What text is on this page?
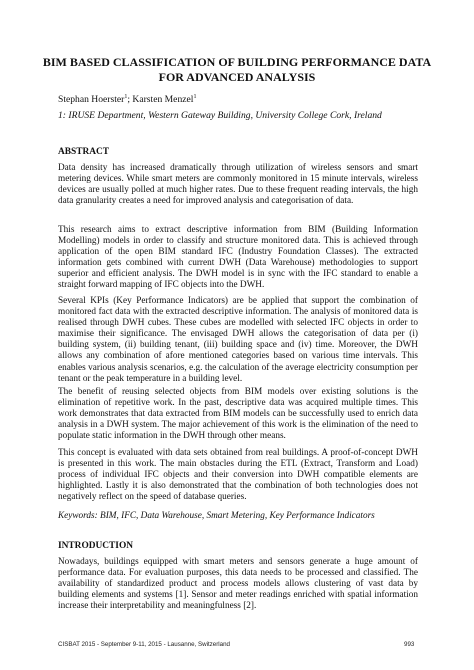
BIM BASED CLASSIFICATION OF BUILDING PERFORMANCE DATA FOR ADVANCED ANALYSIS
Stephan Hoerster$^1$; Karsten Menzel$^1$
1: IRUSE Department, Western Gateway Building, University College Cork, Ireland
ABSTRACT
Data density has increased dramatically through utilization of wireless sensors and smart metering devices. While smart meters are commonly monitored in 15 minute intervals, wireless devices are usually polled at much higher rates. Due to these frequent reading intervals, the high data granularity creates a need for improved analysis and categorisation of data.
This research aims to extract descriptive information from BIM (Building Information Modelling) models in order to classify and structure monitored data. This is achieved through application of the open BIM standard IFC (Industry Foundation Classes). The extracted information gets combined with current DWH (Data Warehouse) methodologies to support superior and efficient analysis. The DWH model is in sync with the IFC standard to enable a straight forward mapping of IFC objects into the DWH.
Several KPIs (Key Performance Indicators) are be applied that support the combination of monitored fact data with the extracted descriptive information. The analysis of monitored data is realised through DWH cubes. These cubes are modelled with selected IFC objects in order to maximise their significance. The envisaged DWH allows the categorisation of data per (i) building system, (ii) building tenant, (iii) building space and (iv) time. Moreover, the DWH allows any combination of afore mentioned categories based on various time intervals. This enables various analysis scenarios, e.g. the calculation of the average electricity consumption per tenant or the peak temperature in a building level.
The benefit of reusing selected objects from BIM models over existing solutions is the elimination of repetitive work. In the past, descriptive data was acquired multiple times. This work demonstrates that data extracted from BIM models can be successfully used to enrich data analysis in a DWH system. The major achievement of this work is the elimination of the need to populate static information in the DWH through other means.
This concept is evaluated with data sets obtained from real buildings. A proof-of-concept DWH is presented in this work. The main obstacles during the ETL (Extract, Transform and Load) process of individual IFC objects and their conversion into DWH compatible elements are highlighted. Lastly it is also demonstrated that the combination of both technologies does not negatively reflect on the speed of database queries.
Keywords: BIM, IFC, Data Warehouse, Smart Metering, Key Performance Indicators
INTRODUCTION
Nowadays, buildings equipped with smart meters and sensors generate a huge amount of performance data. For evaluation purposes, this data needs to be processed and classified. The availability of standardized product and process models allows clustering of vast data by building elements and systems [1]. Sensor and meter readings enriched with spatial information increase their interpretability and meaningfulness [2].
CISBAT 2015 - September 9-11, 2015 - Lausanne, Switzerland	993
